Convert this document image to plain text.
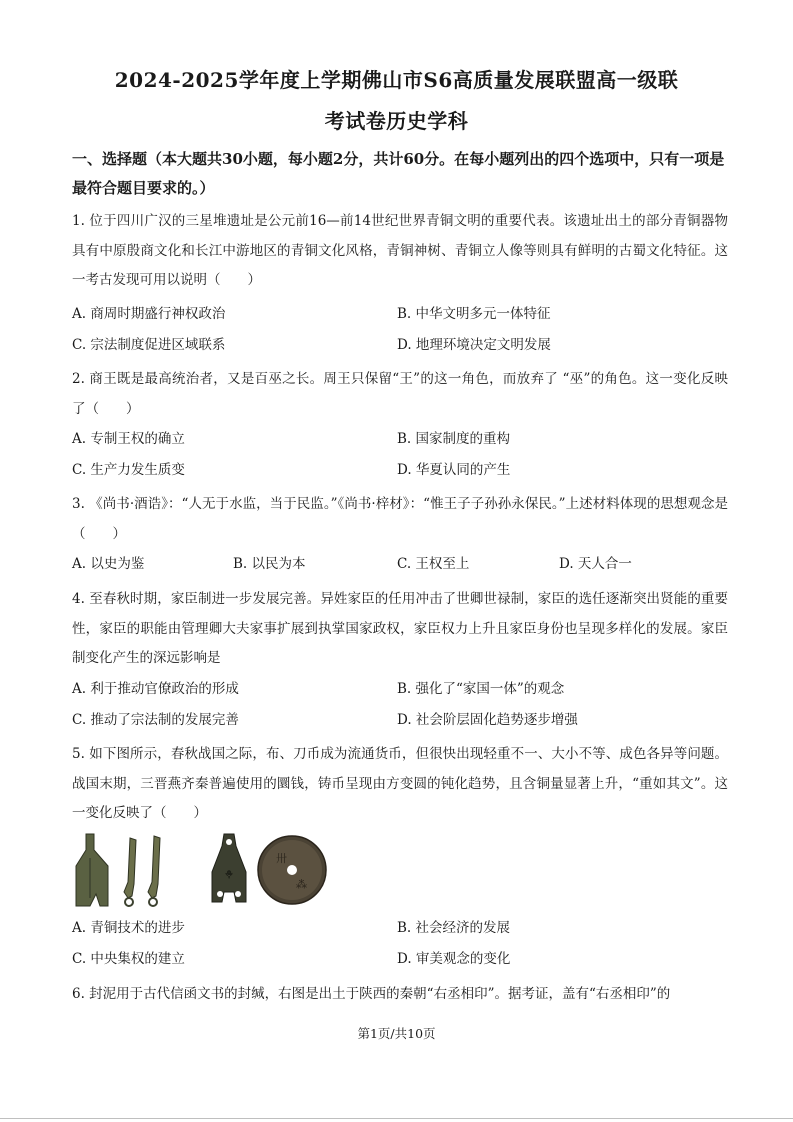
2024-2025学年度上学期佛山市S6高质量发展联盟高一级联
考试卷历史学科
一、选择题（本大题共30小题，每小题2分，共计60分。在每小题列出的四个选项中，只有一项是最符合题目要求的。）
1. 位于四川广汉的三星堆遗址是公元前16—前14世纪世界青铜文明的重要代表。该遗址出土的部分青铜器物具有中原殷商文化和长江中游地区的青铜文化风格，青铜神树、青铜立人像等则具有鲜明的古蜀文化特征。这一考古发现可用以说明（　　）
A. 商周时期盛行神权政治	B. 中华文明多元一体特征
C. 宗法制度促进区域联系	D. 地理环境决定文明发展
2. 商王既是最高统治者，又是百巫之长。周王只保留“王”的这一角色，而放弃了 “巫”的角色。这一变化反映了（　　）
A. 专制王权的确立	B. 国家制度的重构
C. 生产力发生质变	D. 华夏认同的产生
3. 《尚书·酒诰》：“人无于水监，当于民监。”《尚书·梓材》：“惟王子子孙孙永保民。”上述材料体现的思想观念是（　　）
A. 以史为鉴	B. 以民为本	C. 王权至上	D. 天人合一
4. 至春秋时期，家臣制进一步发展完善。异姓家臣的任用冲击了世卿世禄制，家臣的选任逐渐突出贤能的重要性，家臣的职能由管理卿大夫家事扩展到执掌国家政权，家臣权力上升且家臣身份也呈现多样化的发展。家臣制变化产生的深远影响是
A. 利于推动官僚政治的形成	B. 强化了“家国一体”的观念
C. 推动了宗法制的发展完善	D. 社会阶层固化趋势逐步增强
5. 如下图所示，春秋战国之际，布、刀币成为流通货币，但很快出现轻重不一、大小不等、成色各异等问题。战国末期，三晋燕齐秦普遍使用的圜钱，铸币呈现由方变圆的钝化趋势，且含铜量显著上升，“重如其文”。这一变化反映了（　　）
⚘
卅
⁂
A. 青铜技术的进步	B. 社会经济的发展
C. 中央集权的建立	D. 审美观念的变化
6. 封泥用于古代信函文书的封缄，右图是出土于陕西的秦朝“右丞相印”。据考证，盖有“右丞相印”的
第1页/共10页
